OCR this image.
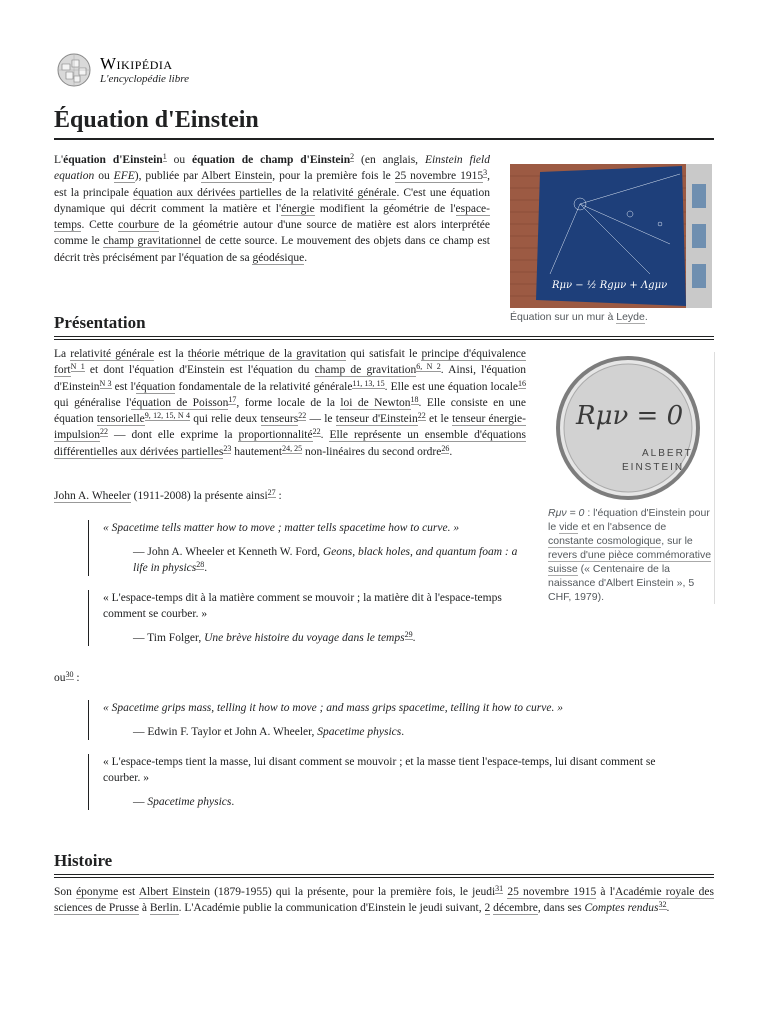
Wikipédia
L'encyclopédie libre
Équation d'Einstein

L'équation d'Einstein$^1$ ou équation de champ d'Einstein$^2$ (en anglais, Einstein field equation ou EFE), publiée par Albert Einstein, pour la première fois le 25 novembre 1915$^3$, est la principale équation aux dérivées partielles de la relativité générale. C'est une équation dynamique qui décrit comment la matière et l'énergie modifient la géométrie de l'espace-temps. Cette courbure de la géométrie autour d'une source de matière est alors interprétée comme le champ gravitationnel de cette source. Le mouvement des objets dans ce champ est décrit très précisément par l'équation de sa géodésique.

Rμν − ½ Rgμν + Λgμν
Équation sur un mur à Leyde.
Présentation

La relativité générale est la théorie métrique de la gravitation qui satisfait le principe d'équivalence fort$^{N 1}$ et dont l'équation d'Einstein est l'équation du champ de gravitation$^{6, N 2}$. Ainsi, l'équation d'Einstein$^{N 3}$ est l'équation fondamentale de la relativité générale$^{11, 13, 15}$. Elle est une équation locale$^{16}$ qui généralise l'équation de Poisson$^{17}$, forme locale de la loi de Newton$^{18}$. Elle consiste en une équation tensorielle$^{9, 12, 15, N 4}$ qui relie deux tenseurs$^{22}$ — le tenseur d'Einstein$^{22}$ et le tenseur énergie-impulsion$^{22}$ — dont elle exprime la proportionnalité$^{22}$. Elle représente un ensemble d'équations différentielles aux dérivées partielles$^{23}$ hautement$^{24, 25}$ non-linéaires du second ordre$^{26}$.

Rμν = 0
ALBERT
EINSTEIN
Rμν = 0 : l'équation d'Einstein pour le vide et en l'absence de constante cosmologique, sur le revers d'une pièce commémorative suisse (« Centenaire de la naissance d'Albert Einstein », 5 CHF, 1979).

John A. Wheeler (1911-2008) la présente ainsi$^{27}$ :

« Spacetime tells matter how to move ; matter tells spacetime how to curve. »
— John A. Wheeler et Kenneth W. Ford, Geons, black holes, and quantum foam : a life in physics$^{28}$.
« L'espace-temps dit à la matière comment se mouvoir ; la matière dit à l'espace-temps comment se courber. »
— Tim Folger, Une brève histoire du voyage dans le temps$^{29}$.

$ou^{30}$ :

« Spacetime grips mass, telling it how to move ; and mass grips spacetime, telling it how to curve. »
— Edwin F. Taylor et John A. Wheeler, Spacetime physics.
« L'espace-temps tient la masse, lui disant comment se mouvoir ; et la masse tient l'espace-temps, lui disant comment se courber. »
— Spacetime physics.
Histoire

Son éponyme est Albert Einstein (1879-1955) qui la présente, pour la première fois, le jeudi$^{31}$ 25 novembre 1915 à l'Académie royale des sciences de Prusse à Berlin. L'Académie publie la communication d'Einstein le jeudi suivant, 2 décembre, dans ses Comptes rendus$^{32}$.
